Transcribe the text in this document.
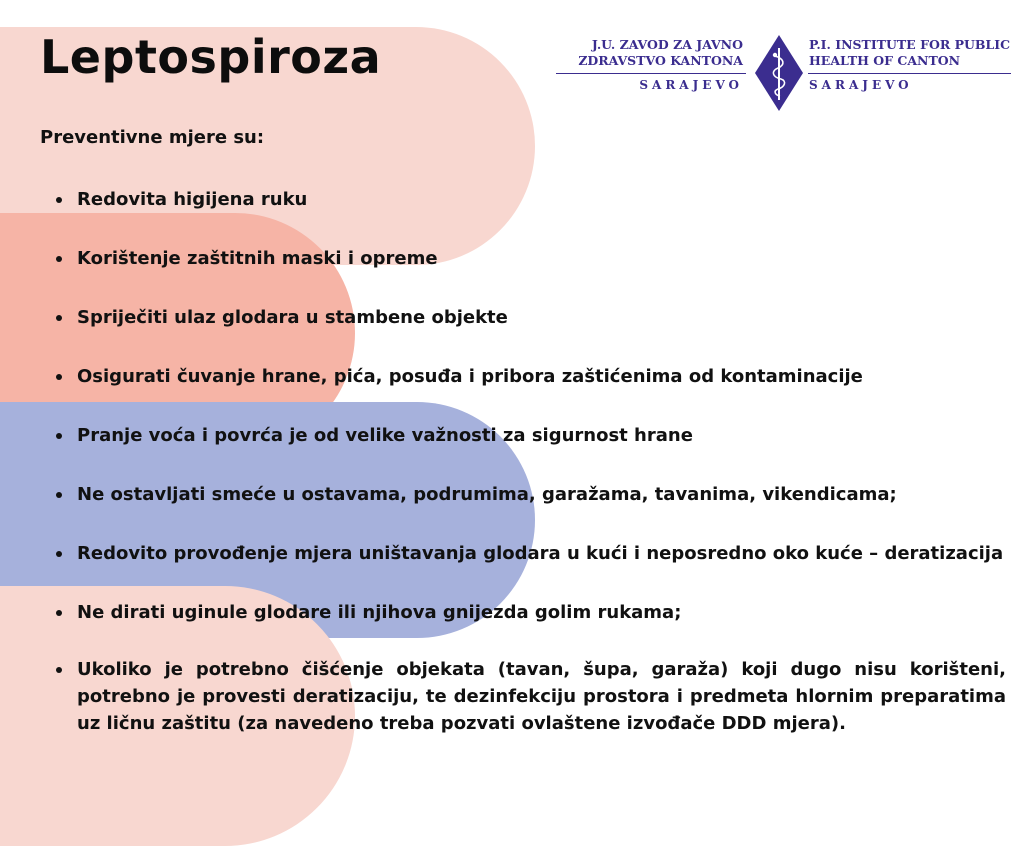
Leptospiroza	J.U. ZAVOD ZA JAVNO
ZDRAVSTVO KANTONA
SARAJEVO
P.I. INSTITUTE FOR PUBLIC
HEALTH OF CANTON
SARAJEVO

Preventivne mjere su:

Redovita higijena ruku
Korištenje zaštitnih maski i opreme
Spriječiti ulaz glodara u stambene objekte
Osigurati čuvanje hrane, pića, posuđa i pribora zaštićenima od kontaminacije
Pranje voća i povrća je od velike važnosti za sigurnost hrane
Ne ostavljati smeće u ostavama, podrumima, garažama, tavanima, vikendicama;
Redovito provođenje mjera uništavanja glodara u kući i neposredno oko kuće – deratizacija
Ne dirati uginule glodare ili njihova gnijezda golim rukama;
Ukoliko je potrebno čišćenje objekata (tavan, šupa, garaža) koji dugo nisu korišteni, potrebno je provesti deratizaciju, te dezinfekciju prostora i predmeta hlornim preparatima uz ličnu zaštitu (za navedeno treba pozvati ovlaštene izvođače DDD mjera).
